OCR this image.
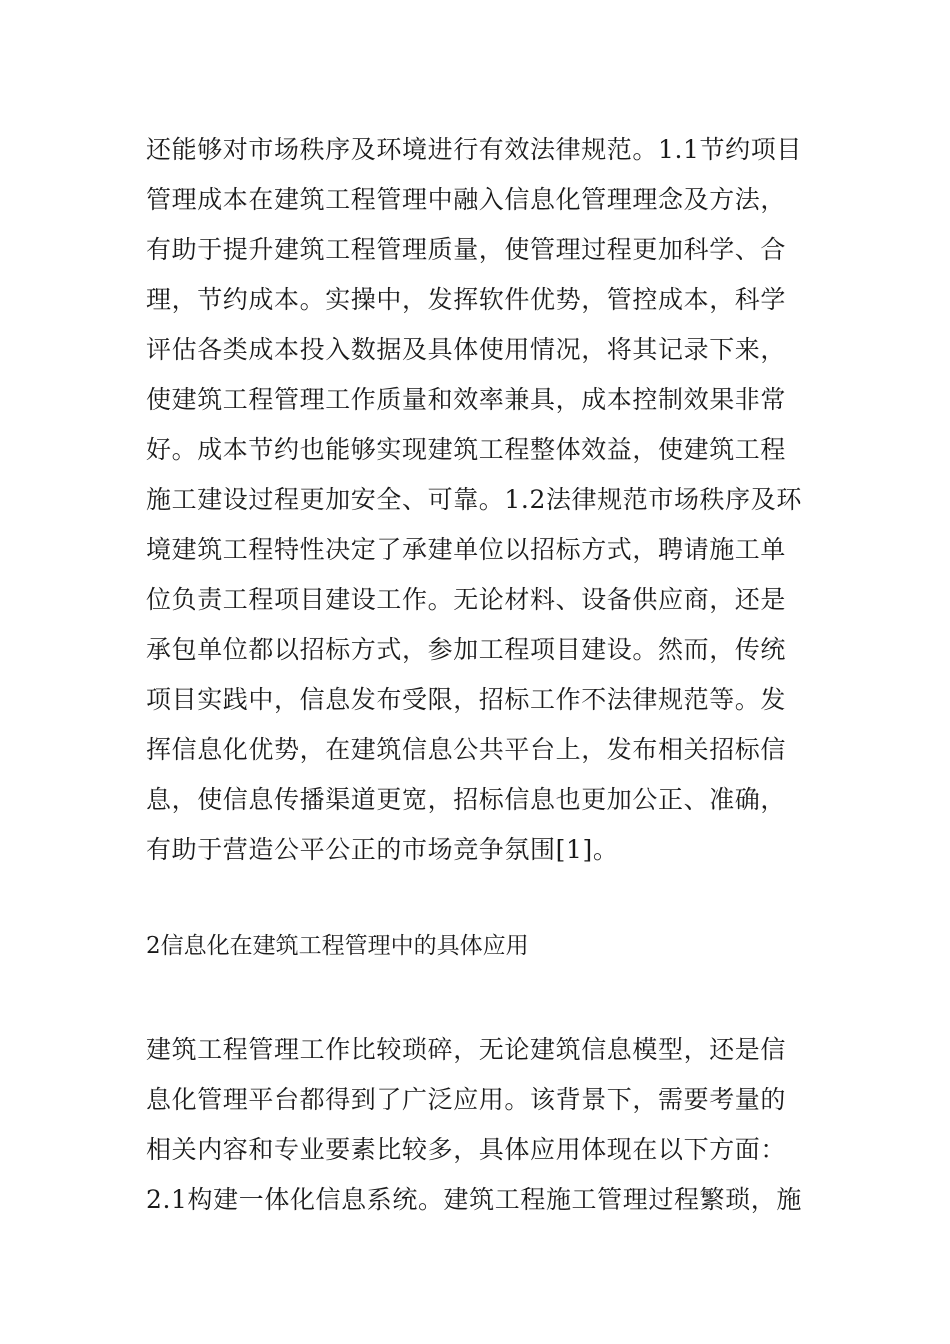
还能够对市场秩序及环境进行有效法律规范。1.1节约项目
管理成本在建筑工程管理中融入信息化管理理念及方法，
有助于提升建筑工程管理质量，使管理过程更加科学、合
理，节约成本。实操中，发挥软件优势，管控成本，科学
评估各类成本投入数据及具体使用情况，将其记录下来，
使建筑工程管理工作质量和效率兼具，成本控制效果非常
好。成本节约也能够实现建筑工程整体效益，使建筑工程
施工建设过程更加安全、可靠。1.2法律规范市场秩序及环
境建筑工程特性决定了承建单位以招标方式，聘请施工单
位负责工程项目建设工作。无论材料、设备供应商，还是
承包单位都以招标方式，参加工程项目建设。然而，传统
项目实践中，信息发布受限，招标工作不法律规范等。发
挥信息化优势，在建筑信息公共平台上，发布相关招标信
息，使信息传播渠道更宽，招标信息也更加公正、准确，
有助于营造公平公正的市场竞争氛围[1]。
2信息化在建筑工程管理中的具体应用
建筑工程管理工作比较琐碎，无论建筑信息模型，还是信
息化管理平台都得到了广泛应用。该背景下，需要考量的
相关内容和专业要素比较多，具体应用体现在以下方面：
2.1构建一体化信息系统。建筑工程施工管理过程繁琐，施
